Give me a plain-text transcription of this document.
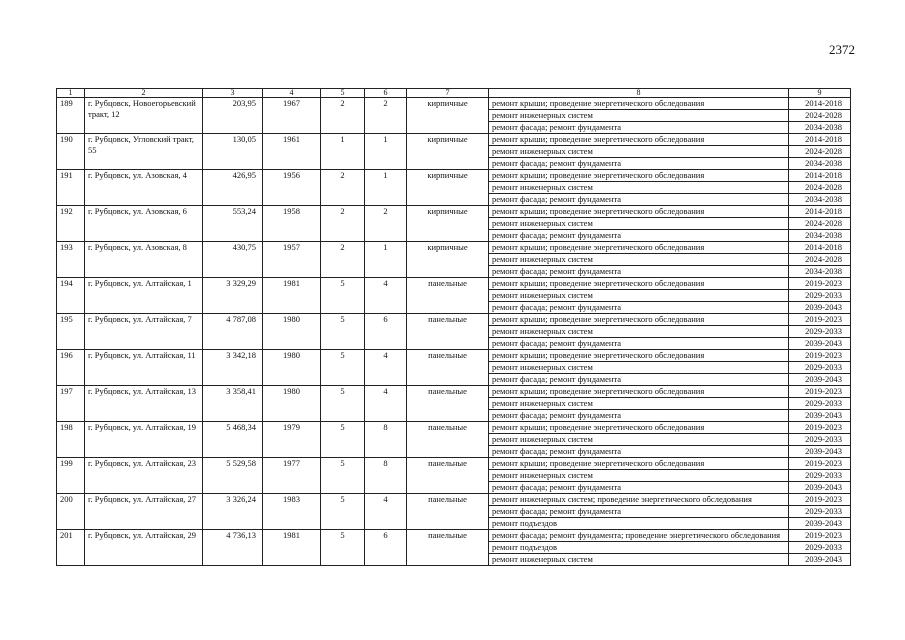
2372
1	2	3	4	5	6	7	8	9
189	г. Рубцовск, Новоегорьевский тракт, 12	203,95	1967	2	2	кирпичные	ремонт крыши; проведение энергетического обследования	2014-2018
							ремонт инженерных систем	2024-2028
							ремонт фасада; ремонт фундамента	2034-2038
190	г. Рубцовск, Угловский тракт, 55	130,05	1961	1	1	кирпичные	ремонт крыши; проведение энергетического обследования	2014-2018
							ремонт инженерных систем	2024-2028
							ремонт фасада; ремонт фундамента	2034-2038
191	г. Рубцовск, ул. Азовская, 4	426,95	1956	2	1	кирпичные	ремонт крыши; проведение энергетического обследования	2014-2018
							ремонт инженерных систем	2024-2028
							ремонт фасада; ремонт фундамента	2034-2038
192	г. Рубцовск, ул. Азовская, 6	553,24	1958	2	2	кирпичные	ремонт крыши; проведение энергетического обследования	2014-2018
							ремонт инженерных систем	2024-2028
							ремонт фасада; ремонт фундамента	2034-2038
193	г. Рубцовск, ул. Азовская, 8	430,75	1957	2	1	кирпичные	ремонт крыши; проведение энергетического обследования	2014-2018
							ремонт инженерных систем	2024-2028
							ремонт фасада; ремонт фундамента	2034-2038
194	г. Рубцовск, ул. Алтайская, 1	3 329,29	1981	5	4	панельные	ремонт крыши; проведение энергетического обследования	2019-2023
							ремонт инженерных систем	2029-2033
							ремонт фасада; ремонт фундамента	2039-2043
195	г. Рубцовск, ул. Алтайская, 7	4 787,08	1980	5	6	панельные	ремонт крыши; проведение энергетического обследования	2019-2023
							ремонт инженерных систем	2029-2033
							ремонт фасада; ремонт фундамента	2039-2043
196	г. Рубцовск, ул. Алтайская, 11	3 342,18	1980	5	4	панельные	ремонт крыши; проведение энергетического обследования	2019-2023
							ремонт инженерных систем	2029-2033
							ремонт фасада; ремонт фундамента	2039-2043
197	г. Рубцовск, ул. Алтайская, 13	3 358,41	1980	5	4	панельные	ремонт крыши; проведение энергетического обследования	2019-2023
							ремонт инженерных систем	2029-2033
							ремонт фасада; ремонт фундамента	2039-2043
198	г. Рубцовск, ул. Алтайская, 19	5 468,34	1979	5	8	панельные	ремонт крыши; проведение энергетического обследования	2019-2023
							ремонт инженерных систем	2029-2033
							ремонт фасада; ремонт фундамента	2039-2043
199	г. Рубцовск, ул. Алтайская, 23	5 529,58	1977	5	8	панельные	ремонт крыши; проведение энергетического обследования	2019-2023
							ремонт инженерных систем	2029-2033
							ремонт фасада; ремонт фундамента	2039-2043
200	г. Рубцовск, ул. Алтайская, 27	3 326,24	1983	5	4	панельные	ремонт инженерных систем; проведение энергетического обследования	2019-2023
							ремонт фасада; ремонт фундамента	2029-2033
							ремонт подъездов	2039-2043
201	г. Рубцовск, ул. Алтайская, 29	4 736,13	1981	5	6	панельные	ремонт фасада; ремонт фундамента; проведение энергетического обследования	2019-2023
							ремонт подъездов	2029-2033
							ремонт инженерных систем	2039-2043
